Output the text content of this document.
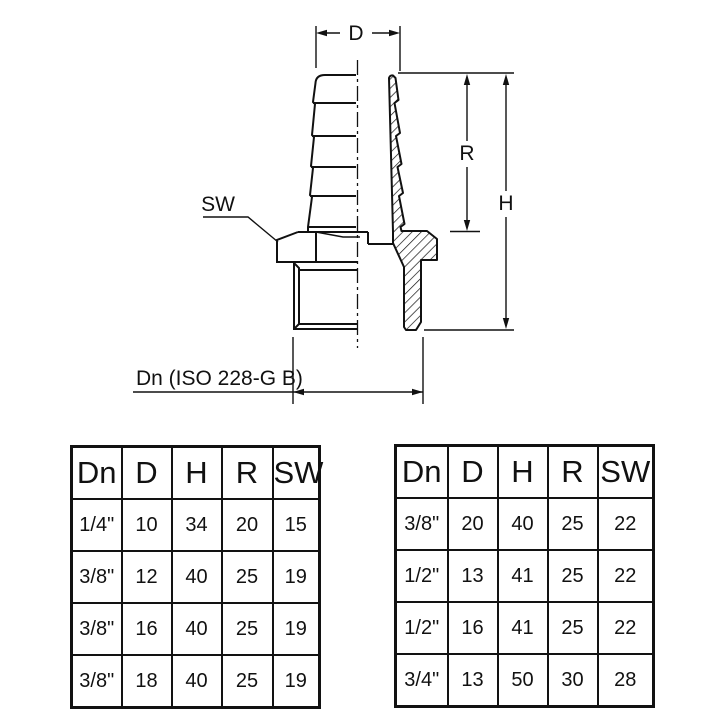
D
R
H
SW
Dn (ISO 228-G B)
Dn	D	H	R	SW
1/4"	10	34	20	15
3/8"	12	40	25	19
3/8"	16	40	25	19
3/8"	18	40	25	19
Dn	D	H	R	SW
3/8"	20	40	25	22
1/2"	13	41	25	22
1/2"	16	41	25	22
3/4"	13	50	30	28
